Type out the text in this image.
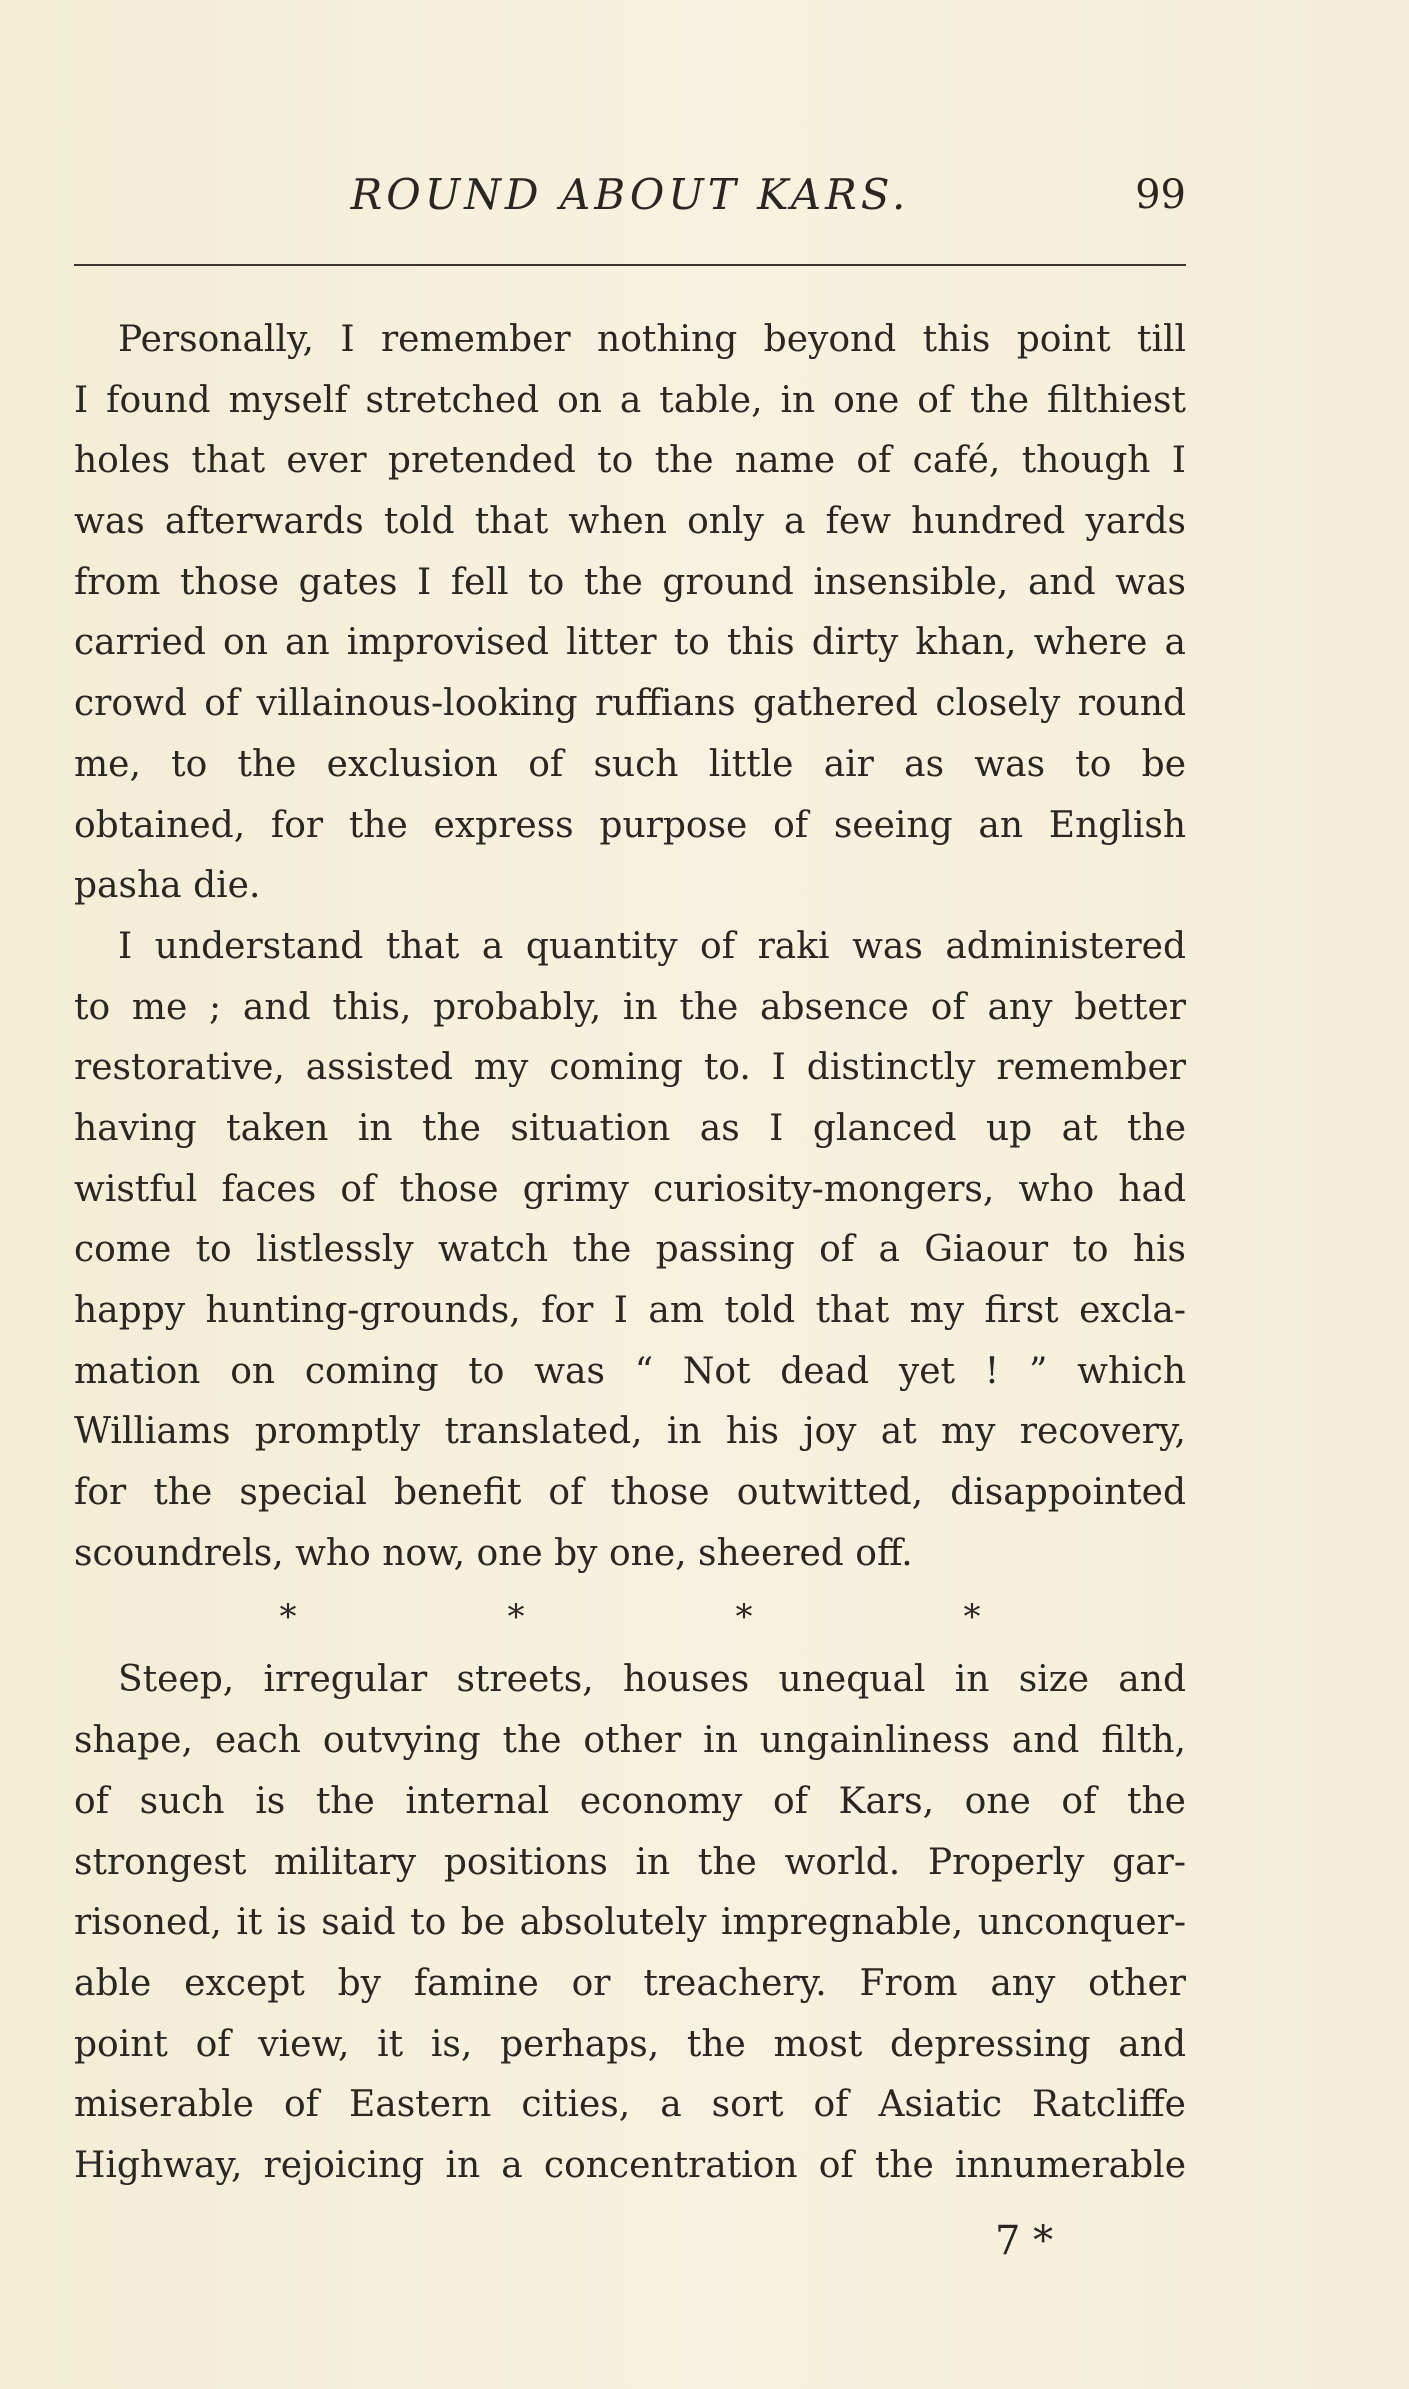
ROUND ABOUT KARS.	99
Personally, I remember nothing beyond this point till
I found myself stretched on a table, in one of the filthiest
holes that ever pretended to the name of café, though I
was afterwards told that when only a few hundred yards
from those gates I fell to the ground insensible, and was
carried on an improvised litter to this dirty khan, where a
crowd of villainous-looking ruffians gathered closely round
me, to the exclusion of such little air as was to be
obtained, for the express purpose of seeing an English
pasha die.
I understand that a quantity of raki was administered
to me ; and this, probably, in the absence of any better
restorative, assisted my coming to. I distinctly remember
having taken in the situation as I glanced up at the
wistful faces of those grimy curiosity-mongers, who had
come to listlessly watch the passing of a Giaour to his
happy hunting-grounds, for I am told that my first excla-
mation on coming to was “ Not dead yet ! ” which
Williams promptly translated, in his joy at my recovery,
for the special benefit of those outwitted, disappointed
scoundrels, who now, one by one, sheered off.
*	*	*	*
Steep, irregular streets, houses unequal in size and
shape, each outvying the other in ungainliness and filth,
of such is the internal economy of Kars, one of the
strongest military positions in the world. Properly gar-
risoned, it is said to be absolutely impregnable, unconquer-
able except by famine or treachery. From any other
point of view, it is, perhaps, the most depressing and
miserable of Eastern cities, a sort of Asiatic Ratcliffe
Highway, rejoicing in a concentration of the innumerable
7 *
